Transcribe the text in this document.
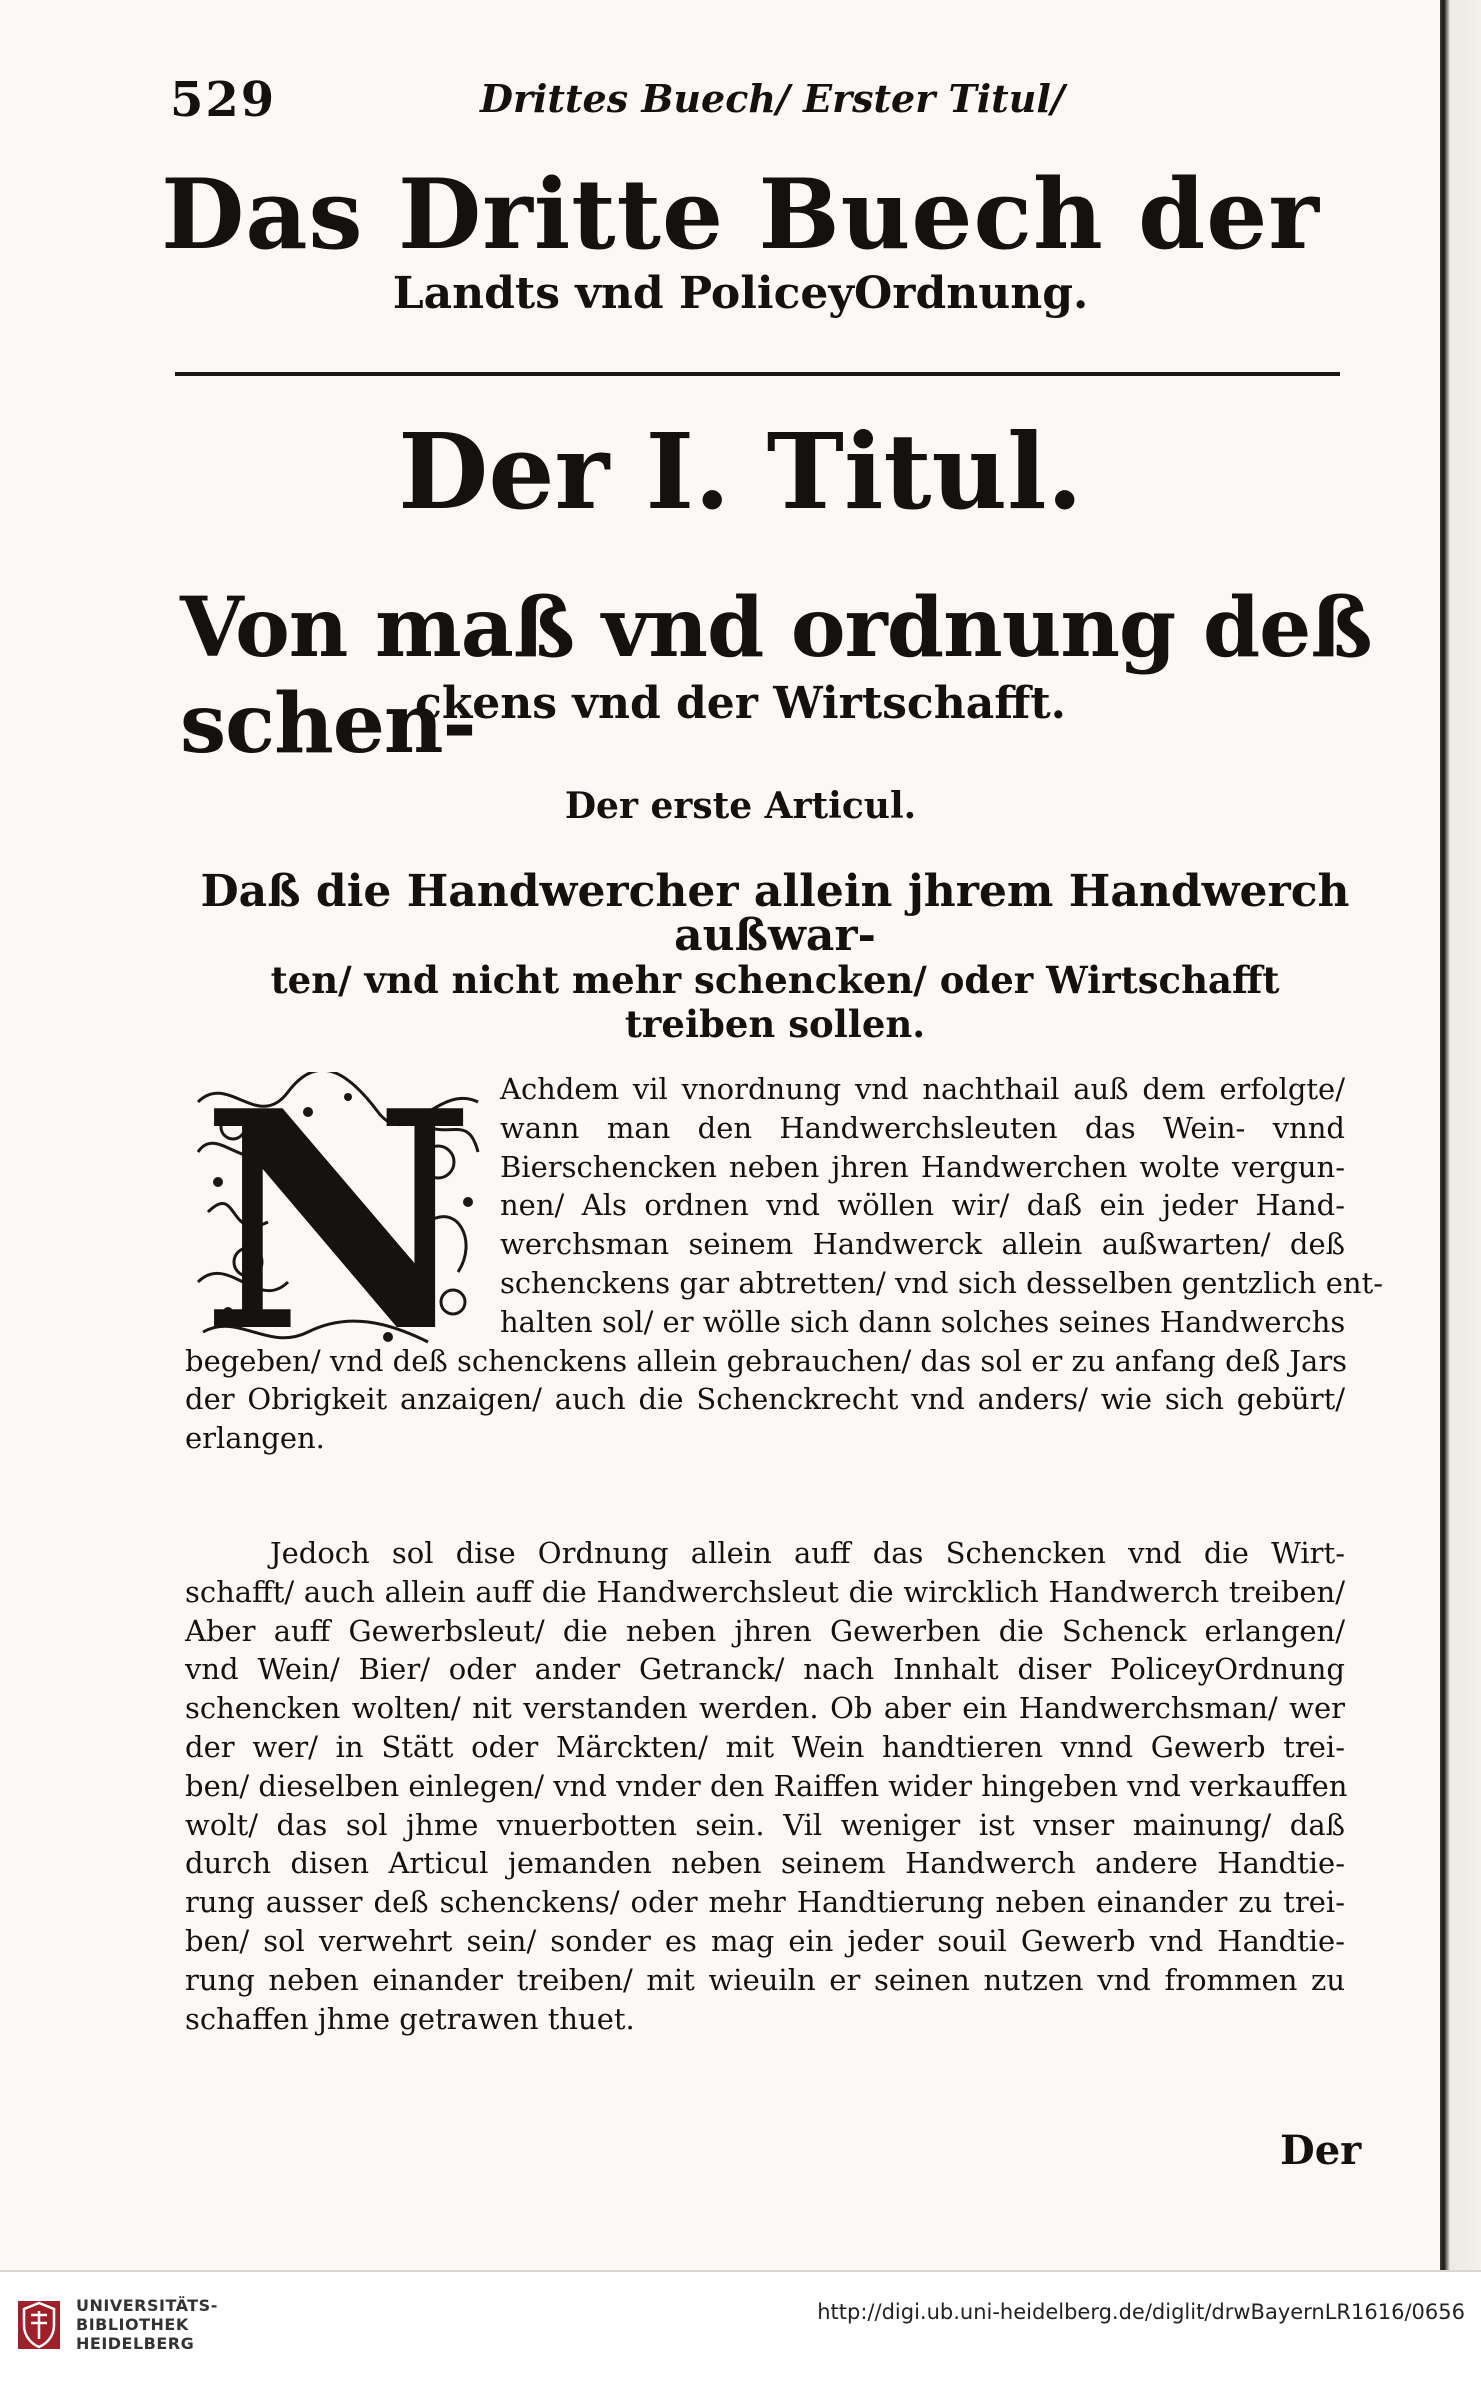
529	Drittes Buech/ Erster Titul/
Das Dritte Buech der
Landts vnd PoliceyOrdnung.
Der I. Titul.
Von maß vnd ordnung deß schen-
ckens vnd der Wirtschafft.
Der erste Articul.
Daß die Handwercher allein jhrem Handwerch außwar-
ten/ vnd nicht mehr schencken/ oder Wirtschafft
treiben sollen.
N Achdem vil vnordnung vnd nachthail auß dem erfolgte/
wann man den Handwerchsleuten das Wein- vnnd
Bierschencken neben jhren Handwerchen wolte vergun-
nen/ Als ordnen vnd wöllen wir/ daß ein jeder Hand-
werchsman seinem Handwerck allein außwarten/ deß
schenckens gar abtretten/ vnd sich desselben gentzlich ent-
halten sol/ er wölle sich dann solches seines Handwerchs
begeben/ vnd deß schenckens allein gebrauchen/ das sol er zu anfang deß Jars
der Obrigkeit anzaigen/ auch die Schenckrecht vnd anders/ wie sich gebürt/
erlangen.
Jedoch sol dise Ordnung allein auff das Schencken vnd die Wirt-
schafft/ auch allein auff die Handwerchsleut die wircklich Handwerch treiben/
Aber auff Gewerbsleut/ die neben jhren Gewerben die Schenck erlangen/
vnd Wein/ Bier/ oder ander Getranck/ nach Innhalt diser PoliceyOrdnung
schencken wolten/ nit verstanden werden. Ob aber ein Handwerchsman/ wer
der wer/ in Stätt oder Märckten/ mit Wein handtieren vnnd Gewerb trei-
ben/ dieselben einlegen/ vnd vnder den Raiffen wider hingeben vnd verkauffen
wolt/ das sol jhme vnuerbotten sein. Vil weniger ist vnser mainung/ daß
durch disen Articul jemanden neben seinem Handwerch andere Handtie-
rung ausser deß schenckens/ oder mehr Handtierung neben einander zu trei-
ben/ sol verwehrt sein/ sonder es mag ein jeder souil Gewerb vnd Handtie-
rung neben einander treiben/ mit wieuiln er seinen nutzen vnd frommen zu
schaffen jhme getrawen thuet.
Der
UNIVERSITÄTS-
BIBLIOTHEK
HEIDELBERG
http://digi.ub.uni-heidelberg.de/diglit/drwBayernLR1616/0656
